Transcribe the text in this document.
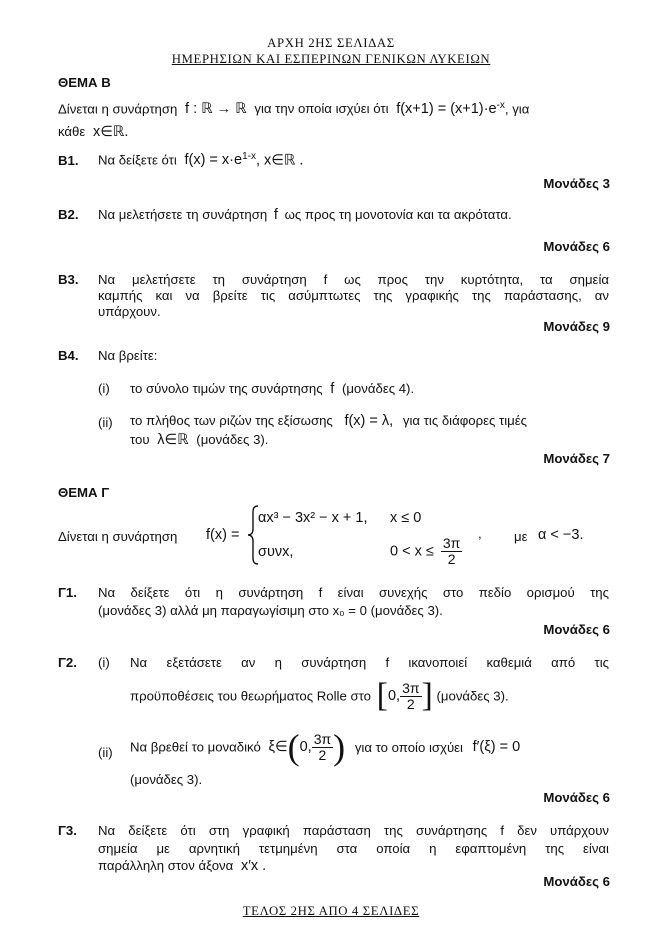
ΑΡΧΗ 2ΗΣ ΣΕΛΙΔΑΣ
ΗΜΕΡΗΣΙΩΝ ΚΑΙ ΕΣΠΕΡΙΝΩΝ ΓΕΝΙΚΩΝ ΛΥΚΕΙΩΝ
ΘΕΜΑ Β
Δίνεται η συνάρτηση f : ℝ → ℝ για την οποία ισχύει ότι $f(x+1) = (x+1)\cdot e^{-x}$, για
κάθε x∈ℝ.
Β1. Να δείξετε ότι $f(x) = x\cdot e^{1-x}$, x∈ℝ .
Μονάδες 3
Β2. Να μελετήσετε τη συνάρτηση f ως προς τη μονοτονία και τα ακρότατα.
Μονάδες 6
Β3. Να μελετήσετε τη συνάρτηση f ως προς την κυρτότητα, τα σημεία
καμπής και να βρείτε τις ασύμπτωτες της γραφικής της παράστασης, αν
υπάρχουν.
Μονάδες 9
Β4. Να βρείτε:
(i) το σύνολο τιμών της συνάρτησης f (μονάδες 4).
(ii) το πλήθος των ριζών της εξίσωσης f(x) = λ, για τις διάφορες τιμές
του λ∈ℝ (μονάδες 3).
Μονάδες 7
ΘΕΜΑ Γ
Δίνεται η συνάρτηση f(x) =
αx³ − 3x² − x + 1, x ≤ 0
συνx,	$0 < x \le \frac{3\pi}{2}$
, με α < −3.
Γ1. Να δείξετε ότι η συνάρτηση f είναι συνεχής στο πεδίο ορισμού της
(μονάδες 3) αλλά μη παραγωγίσιμη στο x₀ = 0 (μονάδες 3).
Μονάδες 6
Γ2. (i) Να εξετάσετε αν η συνάρτηση f ικανοποιεί καθεμιά από τις
προϋποθέσεις του θεωρήματος Rolle στο [0, $\frac{3\pi}{2}$ ] (μονάδες 3).
(ii) Να βρεθεί το μοναδικό ξ∈(0, $\frac{3\pi}{2}$ ) για το οποίο ισχύει f′(ξ) = 0
(μονάδες 3).
Μονάδες 6
Γ3. Να δείξετε ότι στη γραφική παράσταση της συνάρτησης f δεν υπάρχουν
σημεία με αρνητική τετμημένη στα οποία η εφαπτομένη της είναι
παράλληλη στον άξονα x′x .
Μονάδες 6
ΤΕΛΟΣ 2ΗΣ ΑΠΟ 4 ΣΕΛΙΔΕΣ
